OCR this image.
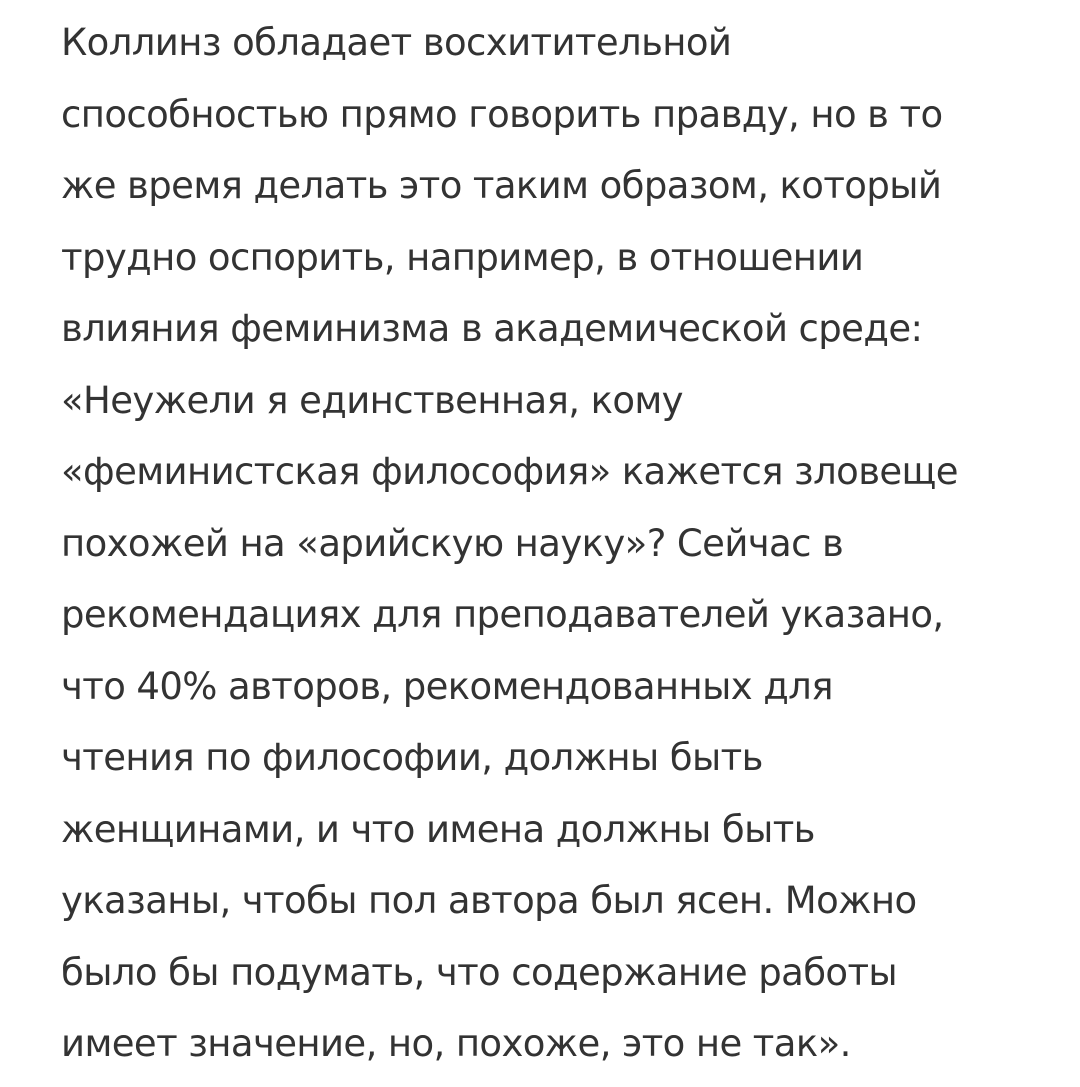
Коллинз обладает восхитительной
способностью прямо говорить правду, но в то
же время делать это таким образом, который
трудно оспорить, например, в отношении
влияния феминизма в академической среде:
«Неужели я единственная, кому
«феминистская философия» кажется зловеще
похожей на «арийскую науку»? Сейчас в
рекомендациях для преподавателей указано,
что 40% авторов, рекомендованных для
чтения по философии, должны быть
женщинами, и что имена должны быть
указаны, чтобы пол автора был ясен. Можно
было бы подумать, что содержание работы
имеет значение, но, похоже, это не так».
